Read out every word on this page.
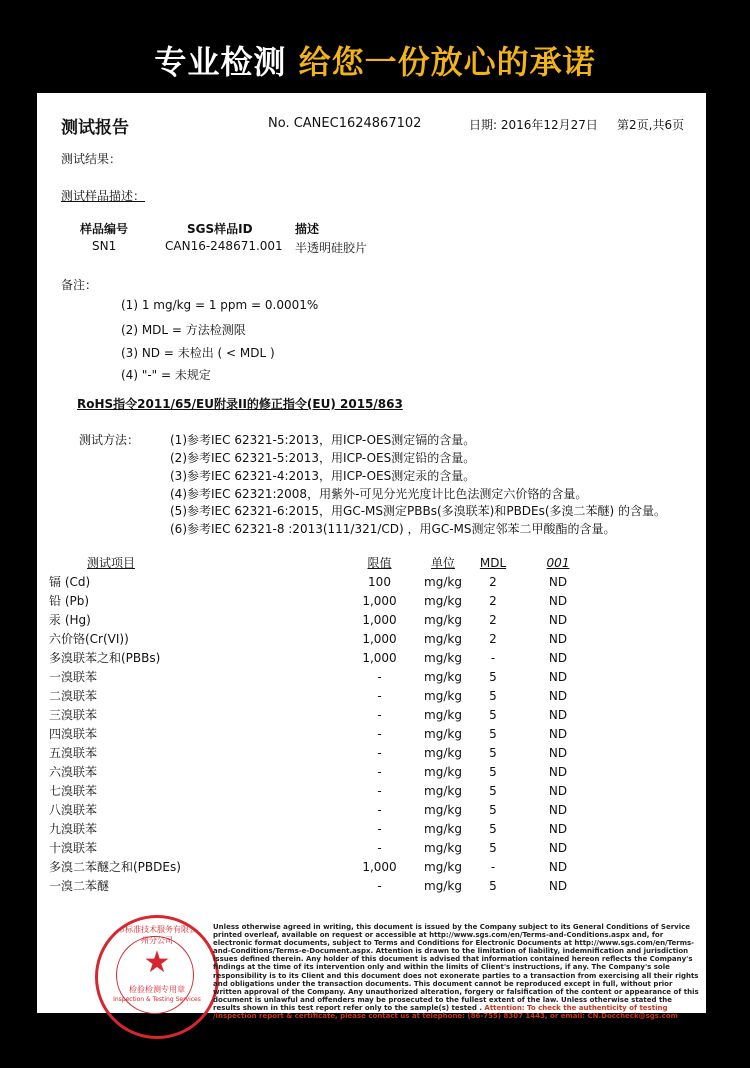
专业检测 给您一份放心的承诺
测试报告	No. CANEC1624867102	日期: 2016年12月27日 第2页,共6页
测试结果：
测试样品描述：
样品编号	SGS样品ID	描述
SN1	CAN16-248671.001 半透明硅胶片
备注：
(1) 1 mg/kg = 1 ppm = 0.0001%
(2) MDL = 方法检测限
(3) ND = 未检出 ( < MDL )
(4) "-" = 未规定
RoHS指令2011/65/EU附录II的修正指令(EU) 2015/863
测试方法：	(1)参考IEC 62321-5:2013，用ICP-OES测定镉的含量。
(2)参考IEC 62321-5:2013，用ICP-OES测定铅的含量。
(3)参考IEC 62321-4:2013，用ICP-OES测定汞的含量。
(4)参考IEC 62321:2008，用紫外-可见分光光度计比色法测定六价铬的含量。
(5)参考IEC 62321-6:2015，用GC-MS测定PBBs(多溴联苯)和PBDEs(多溴二苯醚) 的含量。
(6)参考IEC 62321-8 :2013(111/321/CD) ，用GC-MS测定邻苯二甲酸酯的含量。
测试项目	限值	单位	MDL	001
镉 (Cd)	100	mg/kg	2	ND
铅 (Pb)	1,000	mg/kg	2	ND
汞 (Hg)	1,000	mg/kg	2	ND
六价铬(Cr(VI))	1,000	mg/kg	2	ND
多溴联苯之和(PBBs)	1,000	mg/kg	-	ND
一溴联苯	-	mg/kg	5	ND
二溴联苯	-	mg/kg	5	ND
三溴联苯	-	mg/kg	5	ND
四溴联苯	-	mg/kg	5	ND
五溴联苯	-	mg/kg	5	ND
六溴联苯	-	mg/kg	5	ND
七溴联苯	-	mg/kg	5	ND
八溴联苯	-	mg/kg	5	ND
九溴联苯	-	mg/kg	5	ND
十溴联苯	-	mg/kg	5	ND
多溴二苯醚之和(PBDEs)	1,000	mg/kg	-	ND
一溴二苯醚	-	mg/kg	5	ND
深圳市标准技术服务有限公司广州分公司
★
检验检测专用章
Inspection & Testing Services
Unless otherwise agreed in writing, this document is issued by the Company subject to its General Conditions of Service printed overleaf, available on request or accessible at http://www.sgs.com/en/Terms-and-Conditions.aspx and, for electronic format documents, subject to Terms and Conditions for Electronic Documents at http://www.sgs.com/en/Terms-and-Conditions/Terms-e-Document.aspx. Attention is drawn to the limitation of liability, indemnification and jurisdiction issues defined therein. Any holder of this document is advised that information contained hereon reflects the Company's findings at the time of its intervention only and within the limits of Client's instructions, if any. The Company's sole responsibility is to its Client and this document does not exonerate parties to a transaction from exercising all their rights and obligations under the transaction documents. This document cannot be reproduced except in full, without prior written approval of the Company. Any unauthorized alteration, forgery or falsification of the content or appearance of this document is unlawful and offenders may be prosecuted to the fullest extent of the law. Unless otherwise stated the results shown in this test report refer only to the sample(s) tested . Attention: To check the authenticity of testing /inspection report & certificate, please contact us at telephone: (86-755) 8307 1443, or email: CN.Doccheck@sgs.com
